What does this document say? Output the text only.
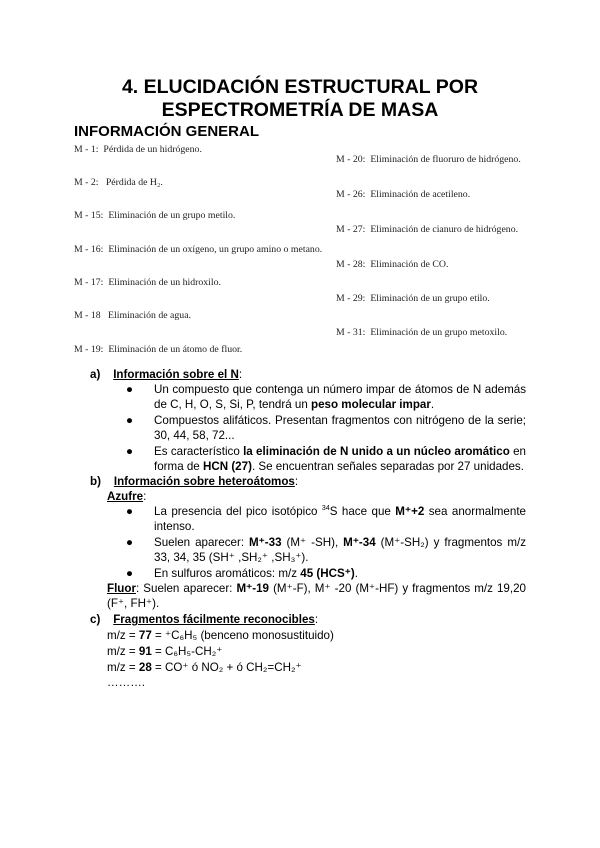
4. ELUCIDACIÓN ESTRUCTURAL POR
ESPECTROMETRÍA DE MASA
INFORMACIÓN GENERAL
M - 1: Pérdida de un hidrógeno.
M - 2: Pérdida de H₂.
M - 15: Eliminación de un grupo metilo.
M - 16: Eliminación de un oxígeno, un grupo amino o metano.
M - 17: Eliminación de un hidroxilo.
M - 18 Eliminación de agua.
M - 19: Eliminación de un átomo de fluor.
M - 20: Eliminación de fluoruro de hidrógeno.
M - 26: Eliminación de acetileno.
M - 27: Eliminación de cianuro de hidrógeno.
M - 28: Eliminación de CO.
M - 29: Eliminación de un grupo etilo.
M - 31: Eliminación de un grupo metoxilo.
a) Información sobre el N:
●	Un compuesto que contenga un número impar de átomos de N además de C, H, O, S, Si, P, tendrá un peso molecular impar.
●	Compuestos alifáticos. Presentan fragmentos con nitrógeno de la serie; 30, 44, 58, 72...
●	Es característico la eliminación de N unido a un núcleo aromático en forma de HCN (27). Se encuentran señales separadas por 27 unidades.
b) Información sobre heteroátomos:
Azufre:
●	La presencia del pico isotópico $^{34}$S hace que M⁺+2 sea anormalmente intenso.
●	Suelen aparecer: M⁺-33 (M⁺ -SH), M⁺-34 (M⁺-SH₂) y fragmentos m/z 33, 34, 35 (SH⁺ ,SH₂⁺ ,SH₃⁺).
●	En sulfuros aromáticos: m/z 45 (HCS⁺).
Fluor: Suelen aparecer: M⁺-19 (M⁺-F), M⁺ -20 (M⁺-HF) y fragmentos m/z 19,20 (F⁺, FH⁺).
c) Fragmentos fácilmente reconocibles:
m/z = 77 = ⁺C₆H₅ (benceno monosustituido)
m/z = 91 = C₆H₅-CH₂⁺
m/z = 28 = CO⁺ ó NO₂ + ó CH₂=CH₂⁺
……….
